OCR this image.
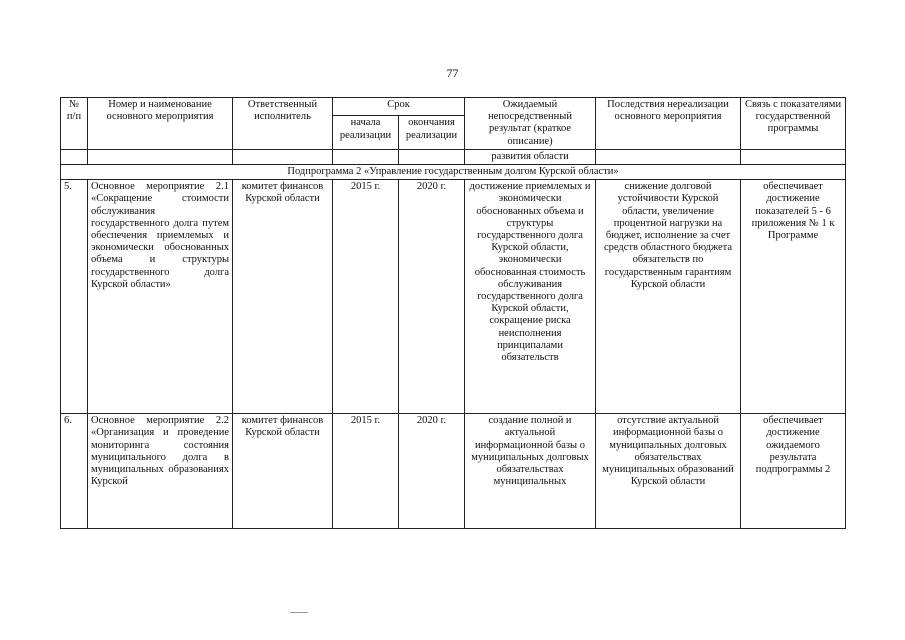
77
№ п/п	Номер и наименование основного мероприятия	Ответственный исполнитель	Срок		Ожидаемый непосредственный результат (краткое описание)	Последствия нереализации основного мероприятия	Связь с показателями государственной программы
			начала реализации	окончания реализации			
					развития области		
Подпрограмма 2 «Управление государственным долгом Курской области»							
5.	Основное мероприятие 2.1 «Сокращение стоимости обслуживания государственного долга путем обеспечения приемлемых и экономически обоснованных объема и структуры государственного долга Курской области»	комитет финансов Курской области	2015 г.	2020 г.	достижение приемлемых и экономически обоснованных объема и структуры государственного долга Курской области, экономически обоснованная стоимость обслуживания государственного долга Курской области, сокращение риска неисполнения принципалами обязательств	снижение долговой устойчивости Курской области, увеличение процентной нагрузки на бюджет, исполнение за счет средств областного бюджета обязательств по государственным гарантиям Курской области	обеспечивает достижение показателей 5 - 6 приложения № 1 к Программе
6.	Основное мероприятие 2.2 «Организация и проведение мониторинга состояния муниципального долга в муниципальных образованиях Курской	комитет финансов Курской области	2015 г.	2020 г.	создание полной и актуальной информационной базы о муниципальных долговых обязательствах муниципальных	отсутствие актуальной информационной базы о муниципальных долговых обязательствах муниципальных образований Курской области	обеспечивает достижение ожидаемого результата подпрограммы 2
